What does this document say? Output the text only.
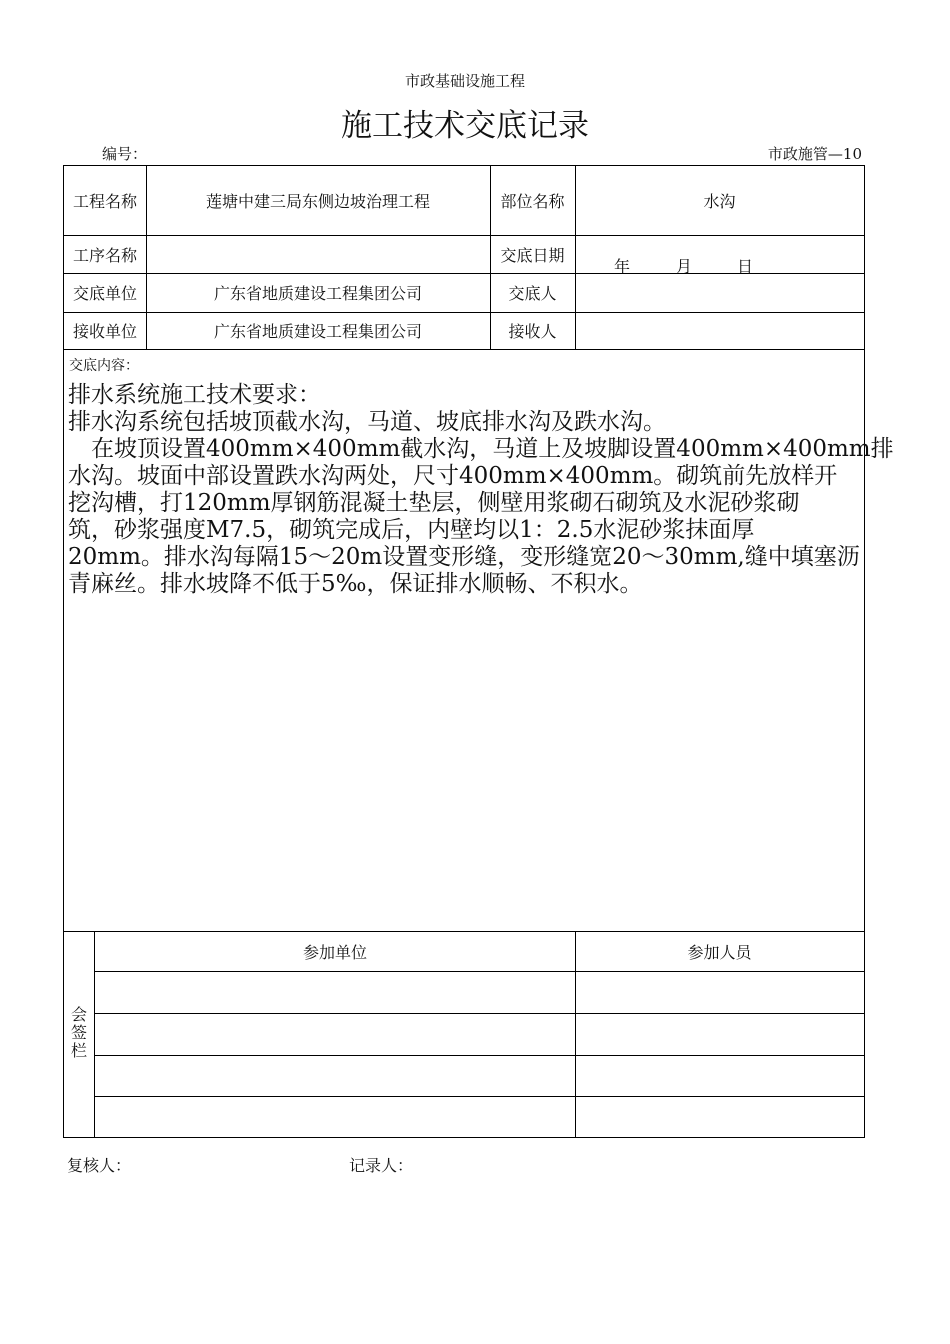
市政基础设施工程
施工技术交底记录
编号：	市政施管—10
工程名称	莲塘中建三局东侧边坡治理工程	部位名称	水沟
工序名称	交底日期
年	月	日
交底单位	广东省地质建设工程集团公司	交底人
接收单位	广东省地质建设工程集团公司	接收人
交底内容：
排水系统施工技术要求：
排水沟系统包括坡顶截水沟，马道、坡底排水沟及跌水沟。
　在坡顶设置400mm×400mm截水沟，马道上及坡脚设置400mm×400mm排
水沟。坡面中部设置跌水沟两处，尺寸400mm×400mm。砌筑前先放样开
挖沟槽，打120mm厚钢筋混凝土垫层，侧壁用浆砌石砌筑及水泥砂浆砌
筑，砂浆强度M7.5，砌筑完成后，内壁均以1：2.5水泥砂浆抹面厚
20mm。排水沟每隔15～20m设置变形缝，变形缝宽20～30mm,缝中填塞沥
青麻丝。排水坡降不低于5‰，保证排水顺畅、不积水。
会
签
栏
参加单位	参加人员
复核人：	记录人：
